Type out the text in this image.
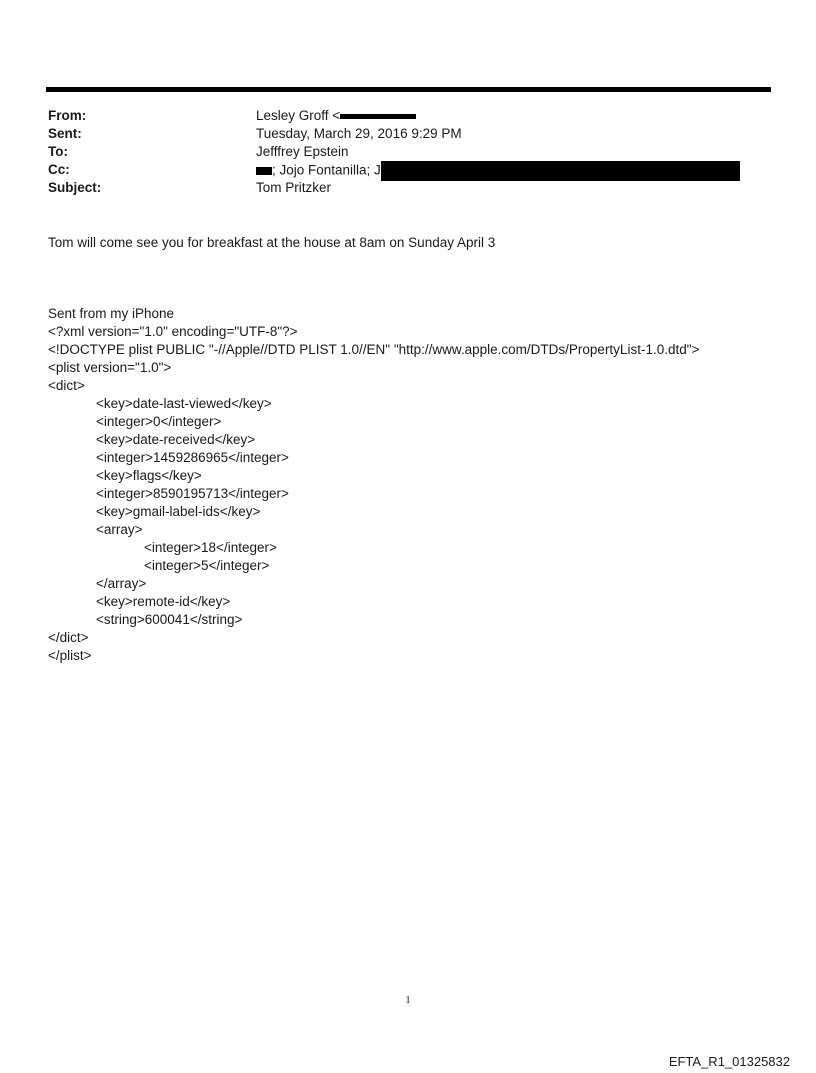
From:	Lesley Groff <
Sent:	Tuesday, March 29, 2016 9:29 PM
To:	Jefffrey Epstein
Cc:	; Jojo Fontanilla; J
Subject:	Tom Pritzker
Tom will come see you for breakfast at the house at 8am on Sunday April 3
Sent from my iPhone
<?xml version="1.0" encoding="UTF-8"?>
<!DOCTYPE plist PUBLIC "-//Apple//DTD PLIST 1.0//EN" "http://www.apple.com/DTDs/PropertyList-1.0.dtd">
<plist version="1.0">
<dict>
<key>date-last-viewed</key>
<integer>0</integer>
<key>date-received</key>
<integer>1459286965</integer>
<key>flags</key>
<integer>8590195713</integer>
<key>gmail-label-ids</key>
<array>
<integer>18</integer>
<integer>5</integer>
</array>
<key>remote-id</key>
<string>600041</string>
</dict>
</plist>
1
EFTA_R1_01325832
